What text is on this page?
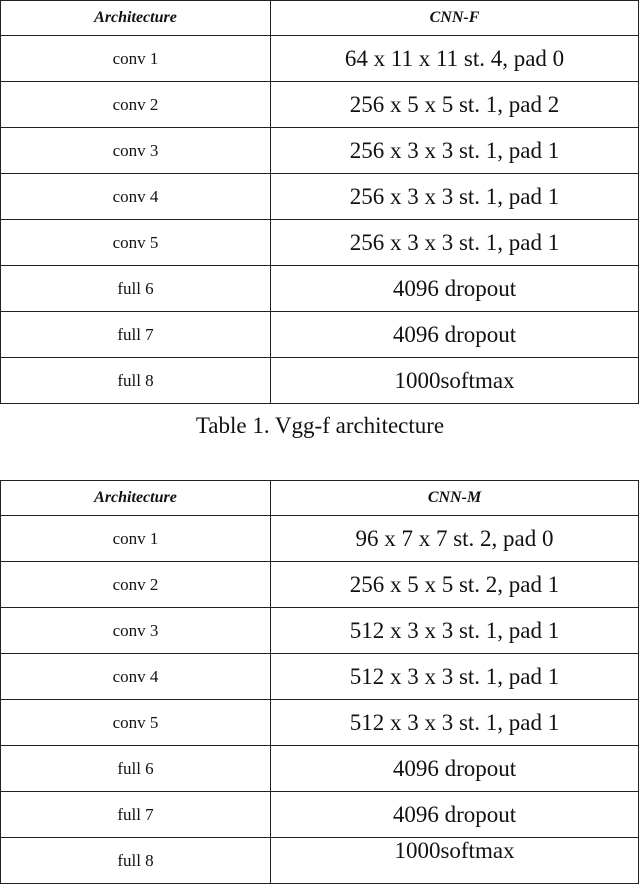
Architecture	CNN-F
conv 1	64 x 11 x 11 st. 4, pad 0
conv 2	256 x 5 x 5 st. 1, pad 2
conv 3	256 x 3 x 3 st. 1, pad 1
conv 4	256 x 3 x 3 st. 1, pad 1
conv 5	256 x 3 x 3 st. 1, pad 1
full 6	4096 dropout
full 7	4096 dropout
full 8	1000softmax
Table 1. Vgg-f architecture
Architecture	CNN-M
conv 1	96 x 7 x 7 st. 2, pad 0
conv 2	256 x 5 x 5 st. 2, pad 1
conv 3	512 x 3 x 3 st. 1, pad 1
conv 4	512 x 3 x 3 st. 1, pad 1
conv 5	512 x 3 x 3 st. 1, pad 1
full 6	4096 dropout
full 7	4096 dropout
full 8	1000softmax
